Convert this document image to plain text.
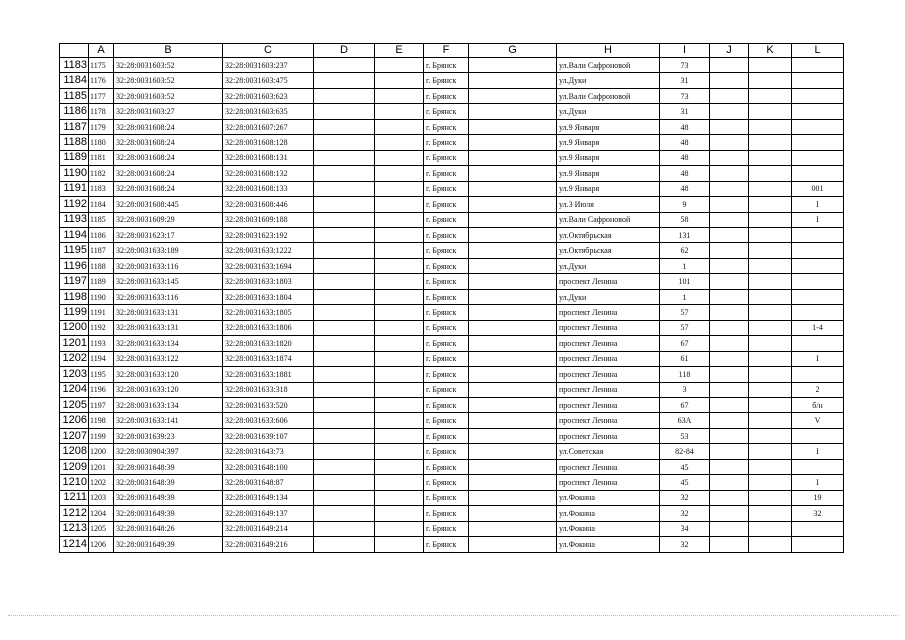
	A	B	C	D	E	F	G	H	I	J	K	L
1183	1175	32:28:0031603:52	32:28:0031603:237			г. Брянск		ул.Вали Сафроновой	73			
1184	1176	32:28:0031603:52	32:28:0031603:475			г. Брянск		ул.Дуки	31			
1185	1177	32:28:0031603:52	32:28:0031603:623			г. Брянск		ул.Вали Сафроновой	73			
1186	1178	32:28:0031603:27	32:28:0031603:635			г. Брянск		ул.Дуки	31			
1187	1179	32:28:0031608:24	32:28:0031607:267			г. Брянск		ул.9 Января	48			
1188	1180	32:28:0031608:24	32:28:0031608:128			г. Брянск		ул.9 Января	48			
1189	1181	32:28:0031608:24	32:28:0031608:131			г. Брянск		ул.9 Января	48			
1190	1182	32:28:0031608:24	32:28:0031608:132			г. Брянск		ул.9 Января	48			
1191	1183	32:28:0031608:24	32:28:0031608:133			г. Брянск		ул.9 Января	48			001
1192	1184	32:28:0031608:445	32:28:0031608:446			г. Брянск		ул.3 Июля	9			I
1193	1185	32:28:0031609:29	32:28:0031609:188			г. Брянск		ул.Вали Сафроновой	58			I
1194	1186	32:28:0031623:17	32:28:0031623:192			г. Брянск		ул.Октябрьская	131			
1195	1187	32:28:0031633:189	32:28:0031633:1222			г. Брянск		ул.Октябрьская	62			
1196	1188	32:28:0031633:116	32:28:0031633:1694			г. Брянск		ул.Дуки	1			
1197	1189	32:28:0031633:145	32:28:0031633:1803			г. Брянск		проспект Ленина	101			
1198	1190	32:28:0031633:116	32:28:0031633:1804			г. Брянск		ул.Дуки	1			
1199	1191	32:28:0031633:131	32:28:0031633:1805			г. Брянск		проспект Ленина	57			
1200	1192	32:28:0031633:131	32:28:0031633:1806			г. Брянск		проспект Ленина	57			1-4
1201	1193	32:28:0031633:134	32:28:0031633:1820			г. Брянск		проспект Ленина	67			
1202	1194	32:28:0031633:122	32:28:0031633:1874			г. Брянск		проспект Ленина	61			I
1203	1195	32:28:0031633:120	32:28:0031633:1881			г. Брянск		проспект Ленина	118			
1204	1196	32:28:0031633:120	32:28:0031633:318			г. Брянск		проспект Ленина	3			2
1205	1197	32:28:0031633:134	32:28:0031633:520			г. Брянск		проспект Ленина	67			б/н
1206	1198	32:28:0031633:141	32:28:0031633:606			г. Брянск		проспект Ленина	63А			V
1207	1199	32:28:0031639:23	32:28:0031639:107			г. Брянск		проспект Ленина	53			
1208	1200	32:28:0030904:397	32:28:0031643:73			г. Брянск		ул.Советская	82-84			I
1209	1201	32:28:0031648:39	32:28:0031648:100			г. Брянск		проспект Ленина	45			
1210	1202	32:28:0031648:39	32:28:0031648:87			г. Брянск		проспект Ленина	45			I
1211	1203	32:28:0031649:39	32:28:0031649:134			г. Брянск		ул.Фокина	32			19
1212	1204	32:28:0031649:39	32:28:0031649:137			г. Брянск		ул.Фокина	32			32
1213	1205	32:28:0031648:26	32:28:0031649:214			г. Брянск		ул.Фокина	34			
1214	1206	32:28:0031649:39	32:28:0031649:216			г. Брянск		ул.Фокина	32			
